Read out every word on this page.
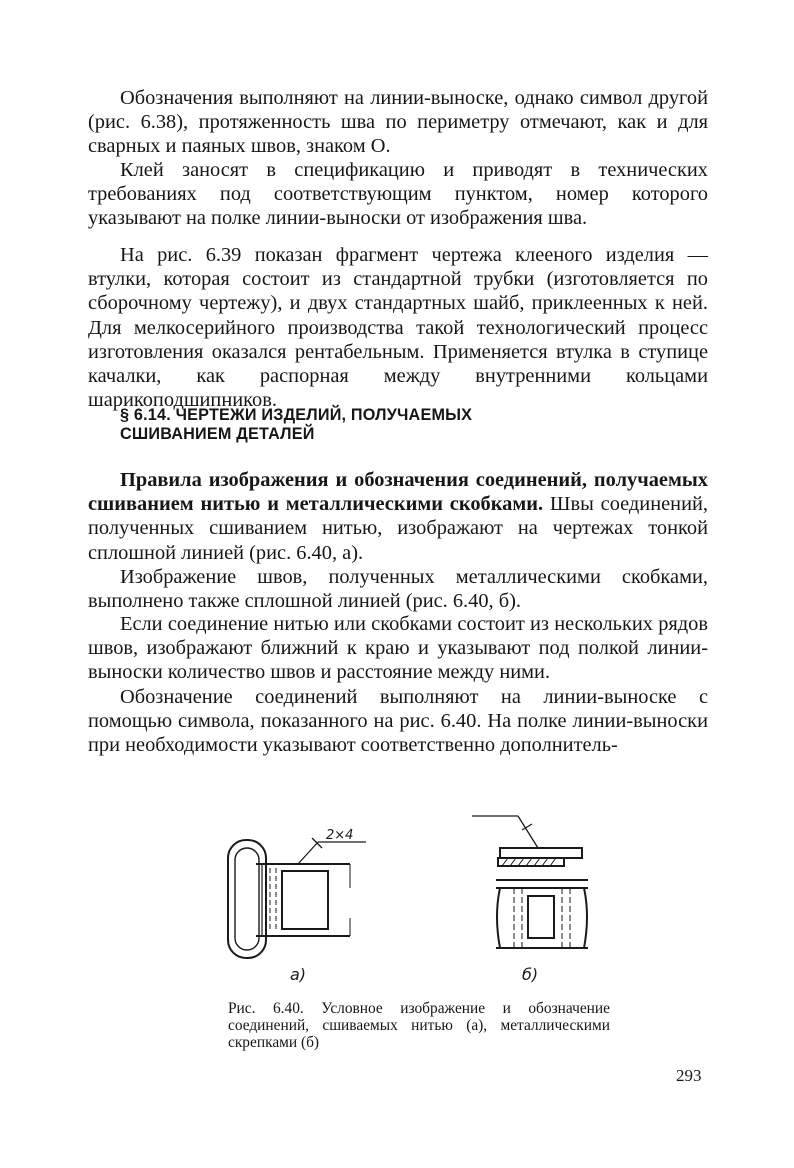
Обозначения выполняют на линии-выноске, однако символ другой (рис. 6.38), протяженность шва по периметру отмечают, как и для сварных и паяных швов, знаком О.

Клей заносят в спецификацию и приводят в технических требованиях под соответствующим пунктом, номер которого указывают на полке линии-выноски от изображения шва.

На рис. 6.39 показан фрагмент чертежа клееного изделия — втулки, которая состоит из стандартной трубки (изготовляется по сборочному чертежу), и двух стандартных шайб, приклеенных к ней. Для мелкосерийного производства такой технологический процесс изготовления оказался рентабельным. Применяется втулка в ступице качалки, как распорная между внутренними кольцами шарикоподшипников.

§ 6.14. ЧЕРТЕЖИ ИЗДЕЛИЙ, ПОЛУЧАЕМЫХ
СШИВАНИЕМ ДЕТАЛЕЙ

Правила изображения и обозначения соединений, получаемых сшиванием нитью и металлическими скобками. Швы соединений, полученных сшиванием нитью, изображают на чертежах тонкой сплошной линией (рис. 6.40, а).

Изображение швов, полученных металлическими скобками, выполнено также сплошной линией (рис. 6.40, б).

Если соединение нитью или скобками состоит из нескольких рядов швов, изображают ближний к краю и указывают под полкой линии-выноски количество швов и расстояние между ними.

Обозначение соединений выполняют на линии-выноске с помощью символа, показанного на рис. 6.40. На полке линии-выноски при необходимости указывают соответственно дополнитель-

2×4
а)	б)

Рис. 6.40. Условное изображение и обозначение соединений, сшиваемых нитью (а), металлическими скрепками (б)

293
